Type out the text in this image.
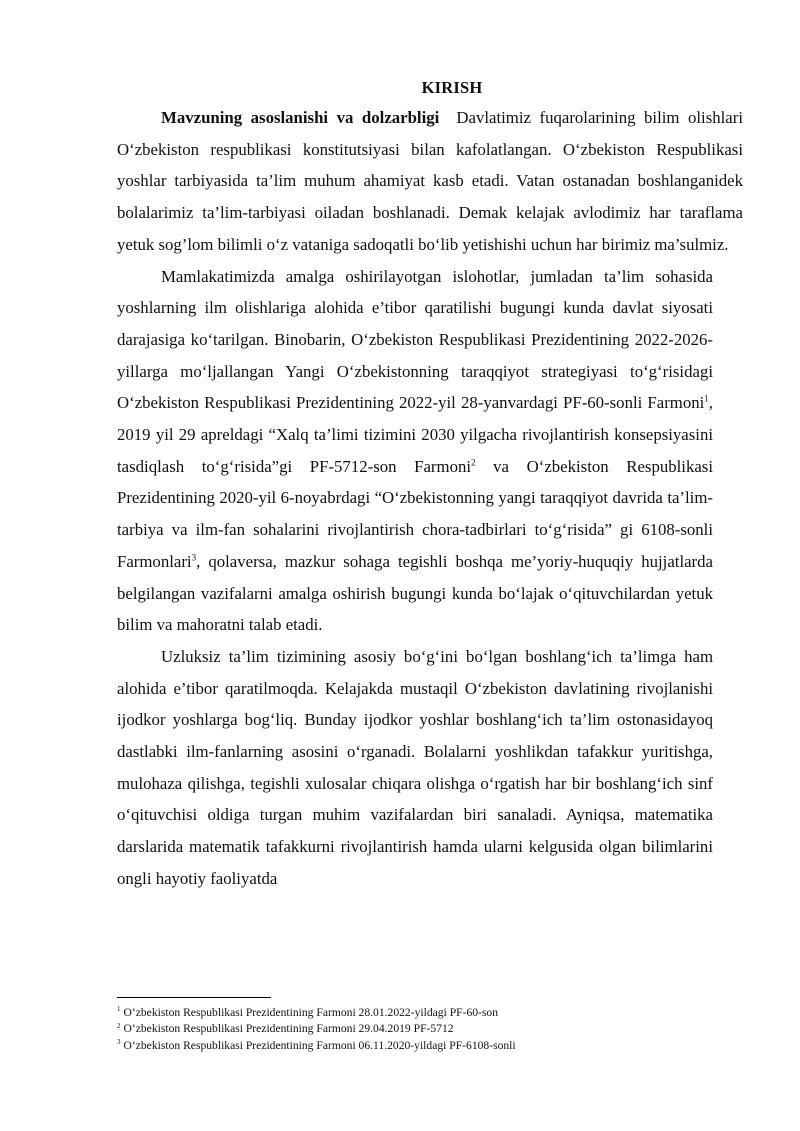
KIRISH

Mavzuning asoslanishi va dolzarbligi Davlatimiz fuqarolarining bilim olishlari O‘zbekiston respublikasi konstitutsiyasi bilan kafolatlangan. O‘zbekiston Respublikasi yoshlar tarbiyasida ta’lim muhum ahamiyat kasb etadi. Vatan ostanadan boshlanganidek bolalarimiz ta’lim-tarbiyasi oiladan boshlanadi. Demak kelajak avlodimiz har taraflama yetuk sog’lom bilimli o‘z vataniga sadoqatli bo‘lib yetishishi uchun har birimiz ma’sulmiz.

Mamlakatimizda amalga oshirilayotgan islohotlar, jumladan ta’lim sohasida yoshlarning ilm olishlariga alohida e’tibor qaratilishi bugungi kunda davlat siyosati darajasiga ko‘tarilgan. Binobarin, O‘zbekiston Respublikasi Prezidentining 2022-2026-yillarga mo‘ljallangan Yangi O‘zbekistonning taraqqiyot strategiyasi to‘g‘risidagi O‘zbekiston Respublikasi Prezidentining 2022-yil 28-yanvardagi PF-60-sonli Farmoni$^1$, 2019 yil 29 apreldagi “Xalq ta’limi tizimini 2030 yilgacha rivojlantirish konsepsiyasini tasdiqlash to‘g‘risida”gi PF-5712-son Farmoni$^2$ va O‘zbekiston Respublikasi Prezidentining 2020-yil 6-noyabrdagi “O‘zbekistonning yangi taraqqiyot davrida ta’lim-tarbiya va ilm-fan sohalarini rivojlantirish chora-tadbirlari to‘g‘risida” gi 6108-sonli Farmonlari$^3$, qolaversa, mazkur sohaga tegishli boshqa me’yoriy-huquqiy hujjatlarda belgilangan vazifalarni amalga oshirish bugungi kunda bo‘lajak o‘qituvchilardan yetuk bilim va mahoratni talab etadi.

Uzluksiz ta’lim tizimining asosiy bo‘g‘ini bo‘lgan boshlang‘ich ta’limga ham alohida e’tibor qaratilmoqda. Kelajakda mustaqil O‘zbekiston davlatining rivojlanishi ijodkor yoshlarga bog‘liq. Bunday ijodkor yoshlar boshlang‘ich ta’lim ostonasidayoq dastlabki ilm-fanlarning asosini o‘rganadi. Bolalarni yoshlikdan tafakkur yuritishga, mulohaza qilishga, tegishli xulosalar chiqara olishga o‘rgatish har bir boshlang‘ich sinf o‘qituvchisi oldiga turgan muhim vazifalardan biri sanaladi. Ayniqsa, matematika darslarida matematik tafakkurni rivojlantirish hamda ularni kelgusida olgan bilimlarini ongli hayotiy faoliyatda

$^1$ O‘zbekiston Respublikasi Prezidentining Farmoni 28.01.2022-yildagi PF-60-son
$^2$ O‘zbekiston Respublikasi Prezidentining Farmoni 29.04.2019 PF-5712
$^3$ O‘zbekiston Respublikasi Prezidentining Farmoni 06.11.2020-yildagi PF-6108-sonli
